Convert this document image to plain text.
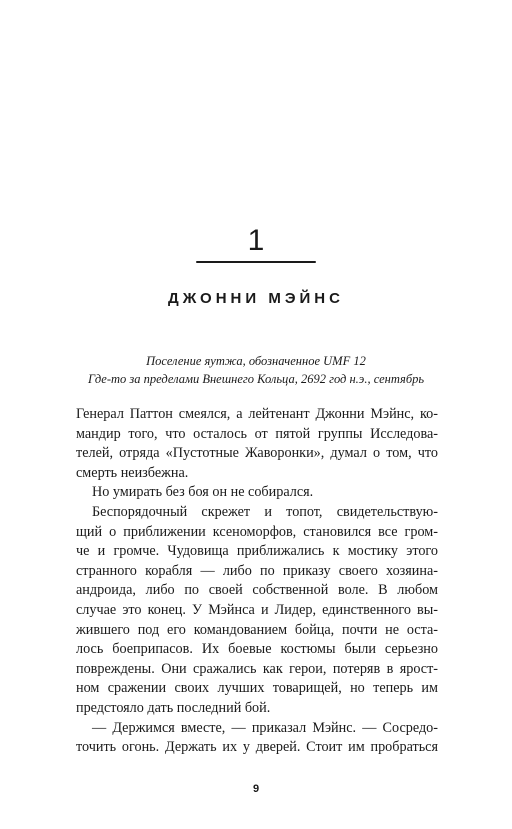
1
ДЖОННИ МЭЙНС
Поселение яутжа, обозначенное UMF 12
Где-то за пределами Внешнего Кольца, 2692 год н.э., сентябрь
Генерал Паттон смеялся, а лейтенант Джонни Мэйнс, ко-
мандир того, что осталось от пятой группы Исследова-
телей, отряда «Пустотные Жаворонки», думал о том, что
смерть неизбежна.
Но умирать без боя он не собирался.
Беспорядочный скрежет и топот, свидетельствую-
щий о приближении ксеноморфов, становился все гром-
че и громче. Чудовища приближались к мостику этого
странного корабля — либо по приказу своего хозяина-
андроида, либо по своей собственной воле. В любом
случае это конец. У Мэйнса и Лидер, единственного вы-
жившего под его командованием бойца, почти не оста-
лось боеприпасов. Их боевые костюмы были серьезно
повреждены. Они сражались как герои, потеряв в ярост-
ном сражении своих лучших товарищей, но теперь им
предстояло дать последний бой.
— Держимся вместе, — приказал Мэйнс. — Сосредо-
точить огонь. Держать их у дверей. Стоит им пробраться
9
